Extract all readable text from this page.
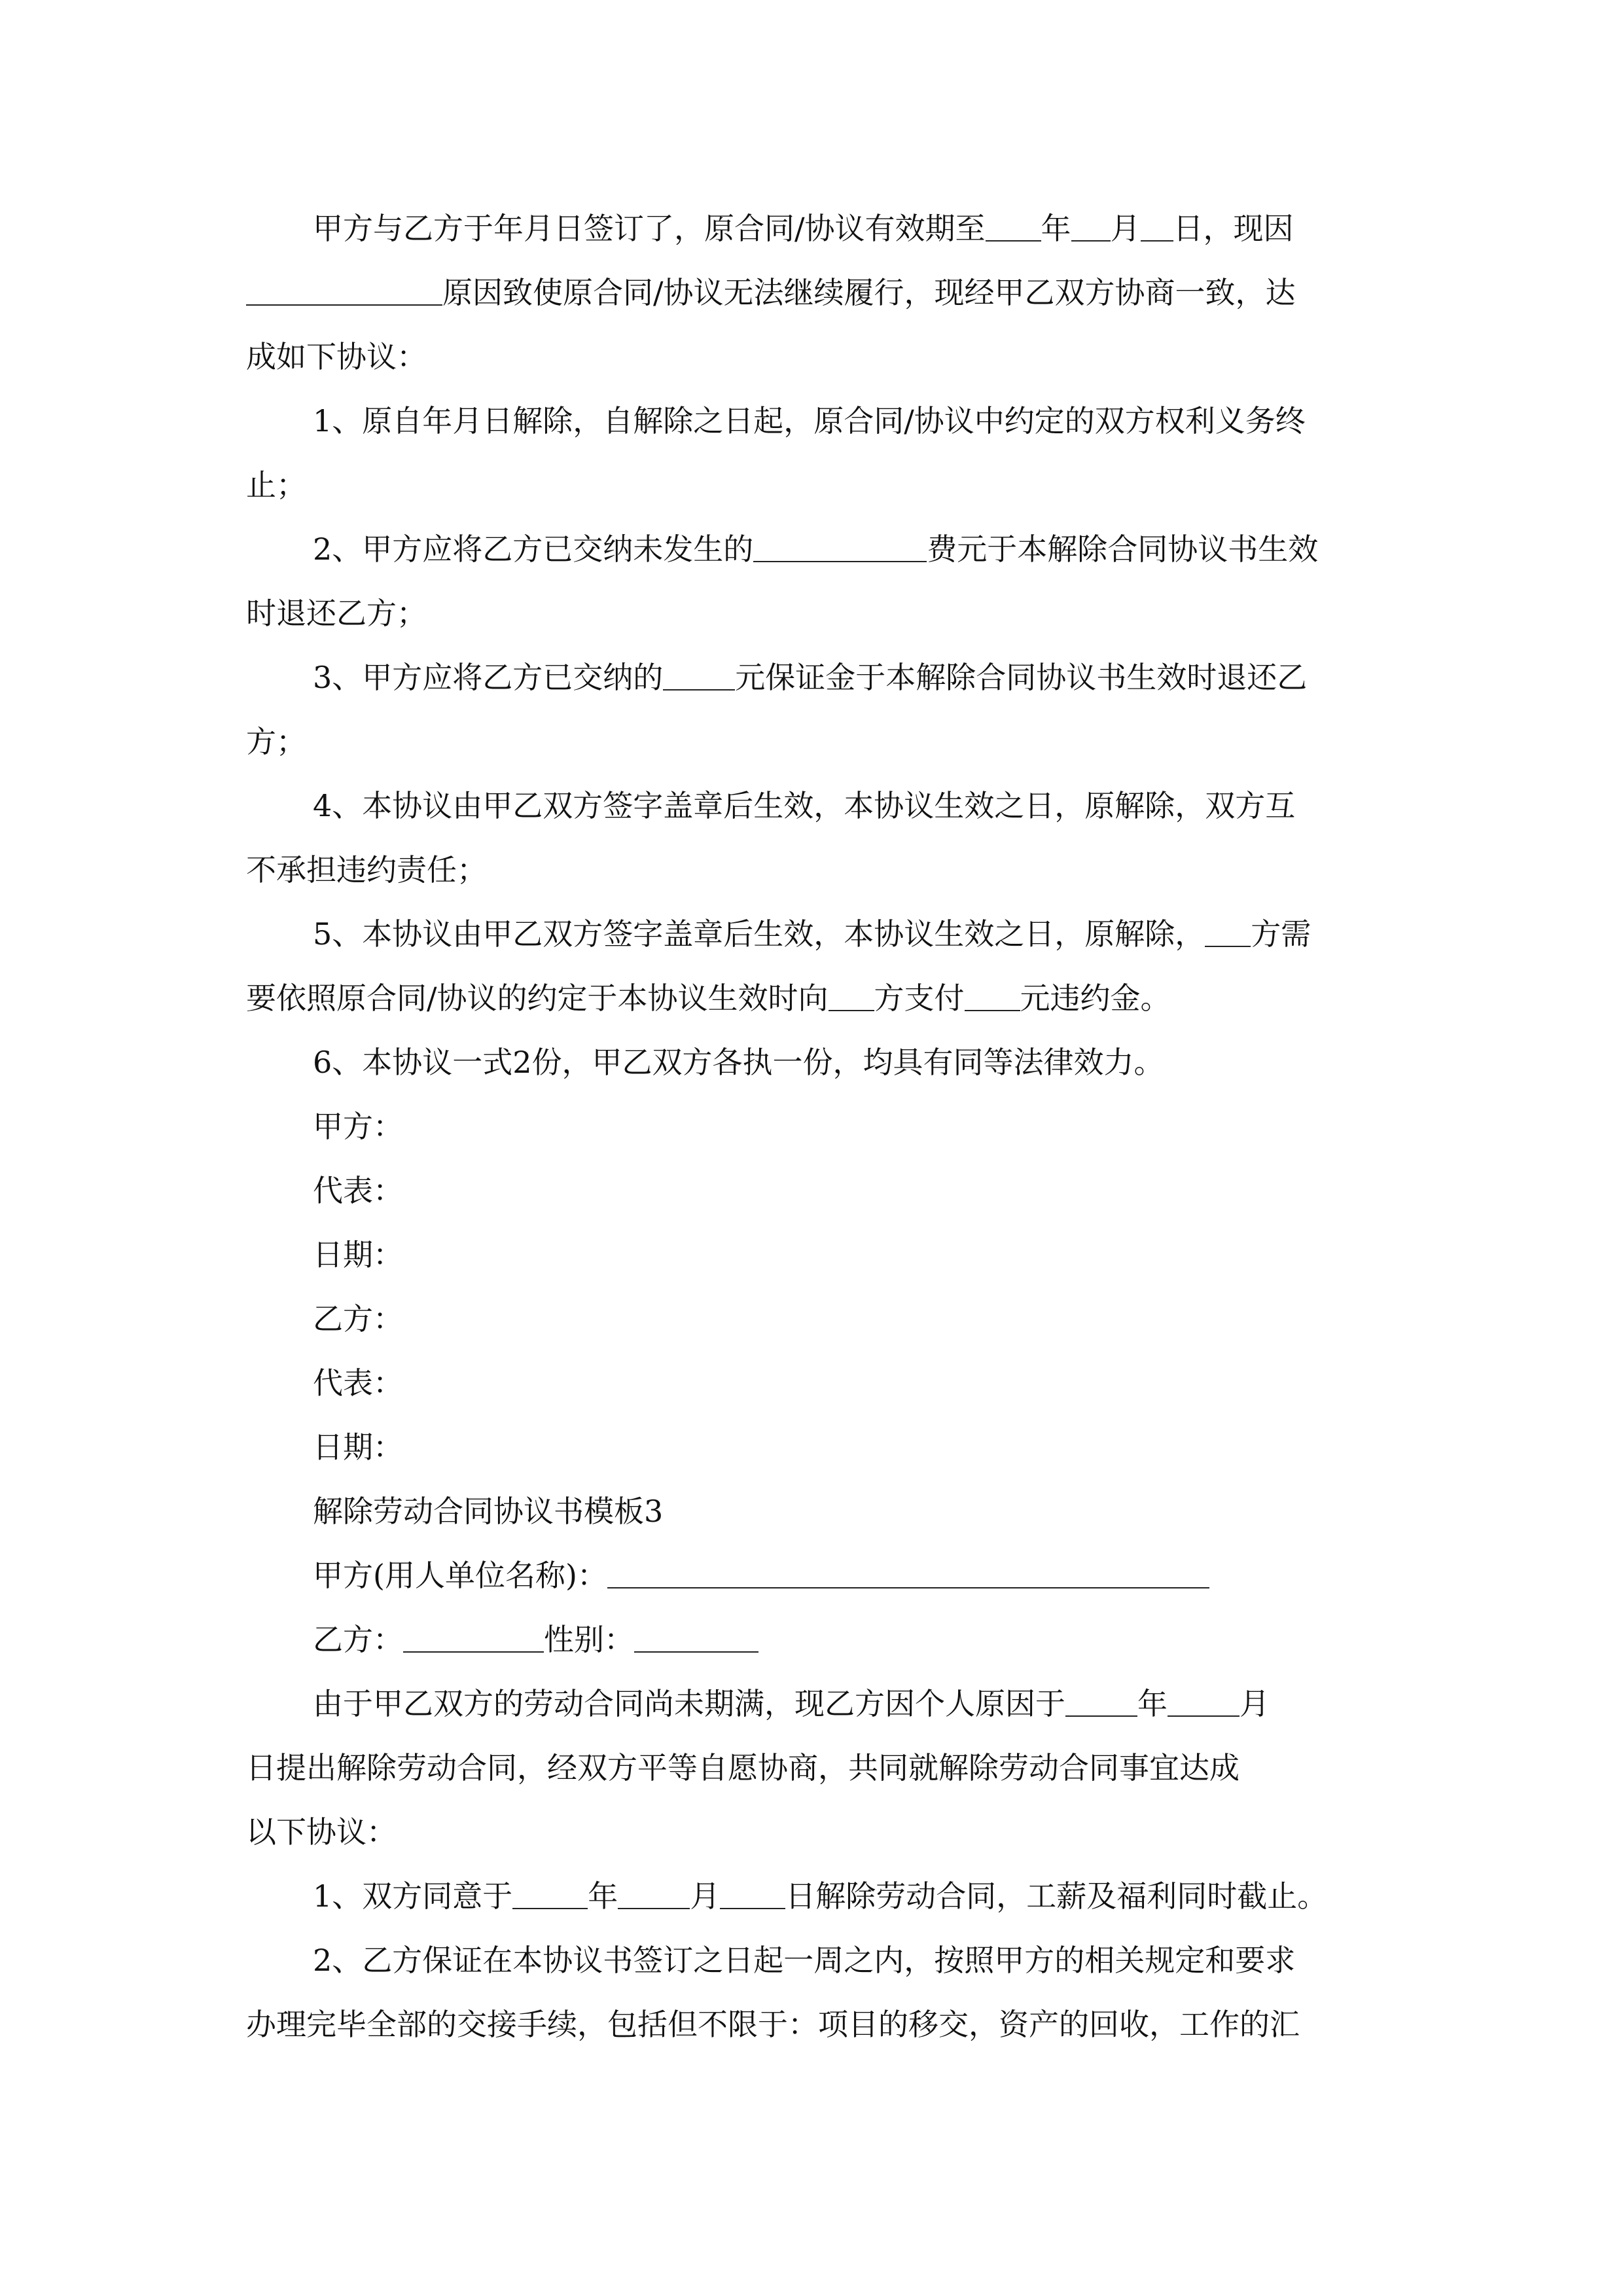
甲方与乙方于年月日签订了，原合同/协议有效期至 年 月 日，现因
原因致使原合同/协议无法继续履行，现经甲乙双方协商一致，达
成如下协议：
1、原自年月日解除，自解除之日起，原合同/协议中约定的双方权利义务终
止；
2、甲方应将乙方已交纳未发生的	费元于本解除合同协议书生效
时退还乙方；
3、甲方应将乙方已交纳的 元保证金于本解除合同协议书生效时退还乙
方；
4、本协议由甲乙双方签字盖章后生效，本协议生效之日，原解除，双方互
不承担违约责任；
5、本协议由甲乙双方签字盖章后生效，本协议生效之日，原解除， 方需
要依照原合同/协议的约定于本协议生效时向 方支付 元违约金。
6、本协议一式2份，甲乙双方各执一份，均具有同等法律效力。
甲方：
代表：
日期：
乙方：
代表：
日期：
解除劳动合同协议书模板3
甲方(用人单位名称)：
乙方：	性别：
由于甲乙双方的劳动合同尚未期满，现乙方因个人原因于 年 月
日提出解除劳动合同，经双方平等自愿协商，共同就解除劳动合同事宜达成
以下协议：
1、双方同意于	年 月 日解除劳动合同，工薪及福利同时截止。
2、乙方保证在本协议书签订之日起一周之内，按照甲方的相关规定和要求
办理完毕全部的交接手续，包括但不限于：项目的移交，资产的回收，工作的汇
